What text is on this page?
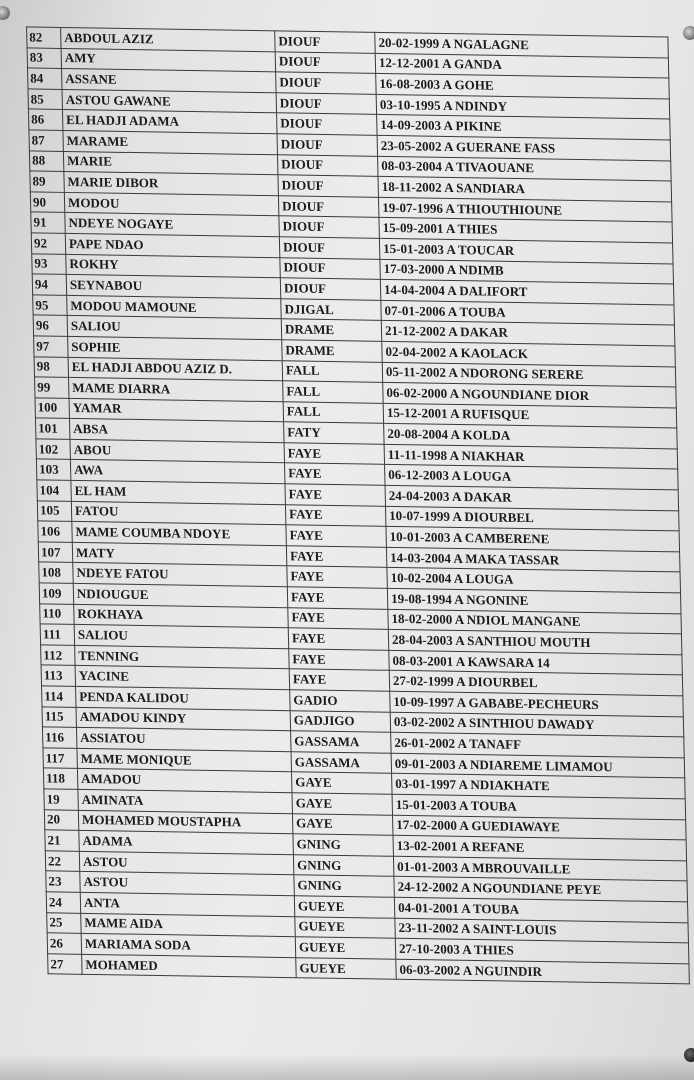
82	ABDOUL AZIZ	DIOUF	20-02-1999 A NGALAGNE
83	AMY	DIOUF	12-12-2001 A GANDA
84	ASSANE	DIOUF	16-08-2003 A GOHE
85	ASTOU GAWANE	DIOUF	03-10-1995 A NDINDY
86	EL HADJI ADAMA	DIOUF	14-09-2003 A PIKINE
87	MARAME	DIOUF	23-05-2002 A GUERANE FASS
88	MARIE	DIOUF	08-03-2004 A TIVAOUANE
89	MARIE DIBOR	DIOUF	18-11-2002 A SANDIARA
90	MODOU	DIOUF	19-07-1996 A THIOUTHIOUNE
91	NDEYE NOGAYE	DIOUF	15-09-2001 A THIES
92	PAPE NDAO	DIOUF	15-01-2003 A TOUCAR
93	ROKHY	DIOUF	17-03-2000 A NDIMB
94	SEYNABOU	DIOUF	14-04-2004 A DALIFORT
95	MODOU MAMOUNE	DJIGAL	07-01-2006 A TOUBA
96	SALIOU	DRAME	21-12-2002 A DAKAR
97	SOPHIE	DRAME	02-04-2002 A KAOLACK
98	EL HADJI ABDOU AZIZ D.	FALL	05-11-2002 A NDORONG SERERE
99	MAME DIARRA	FALL	06-02-2000 A NGOUNDIANE DIOR
100	YAMAR	FALL	15-12-2001 A RUFISQUE
101	ABSA	FATY	20-08-2004 A KOLDA
102	ABOU	FAYE	11-11-1998 A NIAKHAR
103	AWA	FAYE	06-12-2003 A LOUGA
104	EL HAM	FAYE	24-04-2003 A DAKAR
105	FATOU	FAYE	10-07-1999 A DIOURBEL
106	MAME COUMBA NDOYE	FAYE	10-01-2003 A CAMBERENE
107	MATY	FAYE	14-03-2004 A MAKA TASSAR
108	NDEYE FATOU	FAYE	10-02-2004 A LOUGA
109	NDIOUGUE	FAYE	19-08-1994 A NGONINE
110	ROKHAYA	FAYE	18-02-2000 A NDIOL MANGANE
111	SALIOU	FAYE	28-04-2003 A SANTHIOU MOUTH
112	TENNING	FAYE	08-03-2001 A KAWSARA 14
113	YACINE	FAYE	27-02-1999 A DIOURBEL
114	PENDA KALIDOU	GADIO	10-09-1997 A GABABE-PECHEURS
115	AMADOU KINDY	GADJIGO	03-02-2002 A SINTHIOU DAWADY
116	ASSIATOU	GASSAMA	26-01-2002 A TANAFF
117	MAME MONIQUE	GASSAMA	09-01-2003 A NDIAREME LIMAMOU
118	AMADOU	GAYE	03-01-1997 A NDIAKHATE
19	AMINATA	GAYE	15-01-2003 A TOUBA
20	MOHAMED MOUSTAPHA	GAYE	17-02-2000 A GUEDIAWAYE
21	ADAMA	GNING	13-02-2001 A REFANE
22	ASTOU	GNING	01-01-2003 A MBROUVAILLE
23	ASTOU	GNING	24-12-2002 A NGOUNDIANE PEYE
24	ANTA	GUEYE	04-01-2001 A TOUBA
25	MAME AIDA	GUEYE	23-11-2002 A SAINT-LOUIS
26	MARIAMA SODA	GUEYE	27-10-2003 A THIES
27	MOHAMED	GUEYE	06-03-2002 A NGUINDIR
